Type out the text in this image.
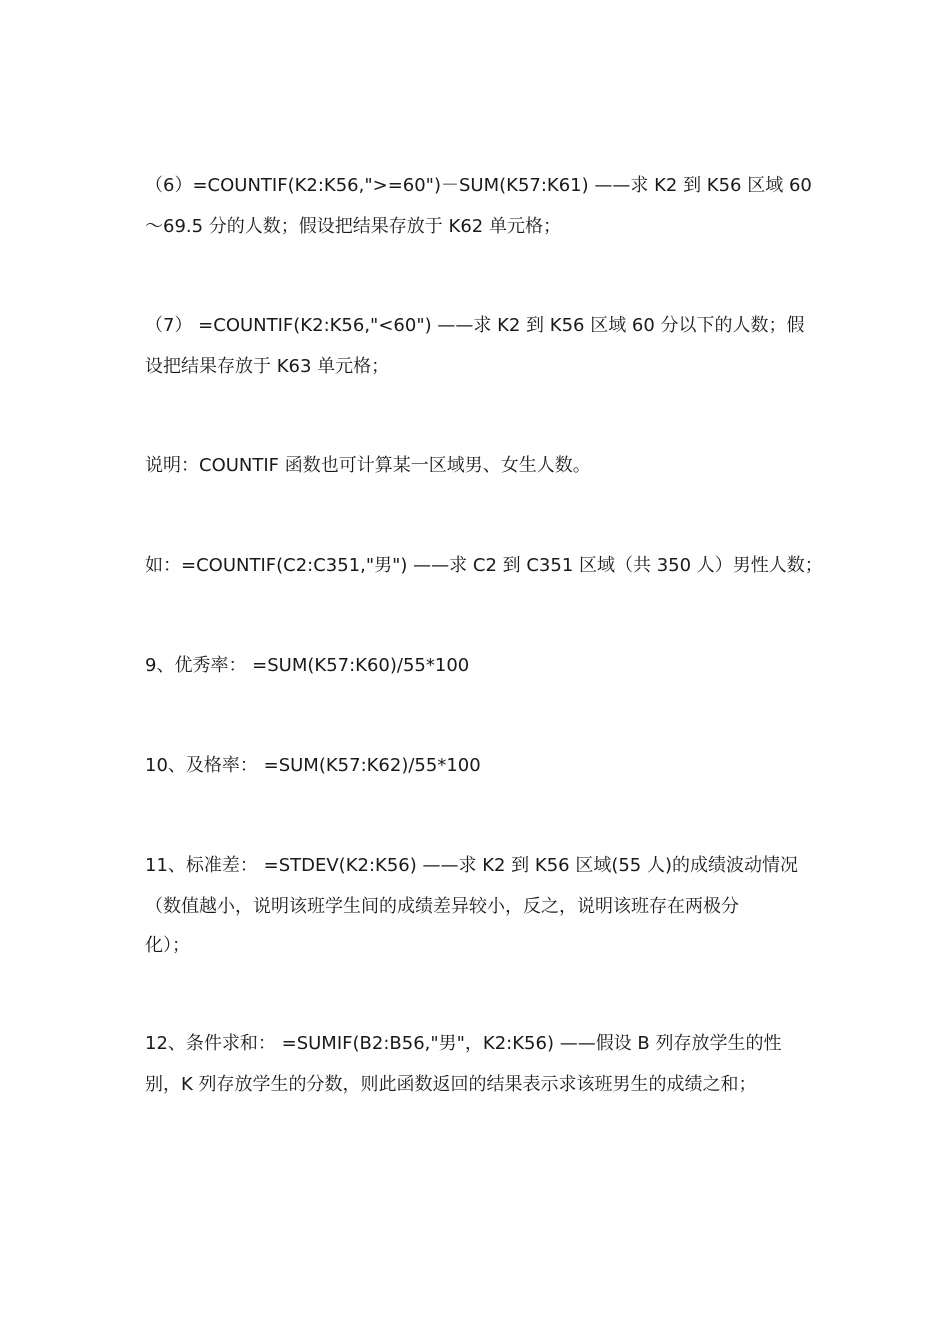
（6）=COUNTIF(K2:K56,">=60")－SUM(K57:K61) ——求 K2 到 K56 区域 60
～69.5 分的人数；假设把结果存放于 K62 单元格；
（7） =COUNTIF(K2:K56,"<60") ——求 K2 到 K56 区域 60 分以下的人数；假
设把结果存放于 K63 单元格；
说明：COUNTIF 函数也可计算某一区域男、女生人数。
如：=COUNTIF(C2:C351,"男") ——求 C2 到 C351 区域（共 350 人）男性人数；
9、优秀率： =SUM(K57:K60)/55*100
10、及格率： =SUM(K57:K62)/55*100
11、标准差： =STDEV(K2:K56) ——求 K2 到 K56 区域(55 人)的成绩波动情况
（数值越小，说明该班学生间的成绩差异较小，反之，说明该班存在两极分
化）；
12、条件求和： =SUMIF(B2:B56,"男"，K2:K56) ——假设 B 列存放学生的性
别，K 列存放学生的分数，则此函数返回的结果表示求该班男生的成绩之和；
